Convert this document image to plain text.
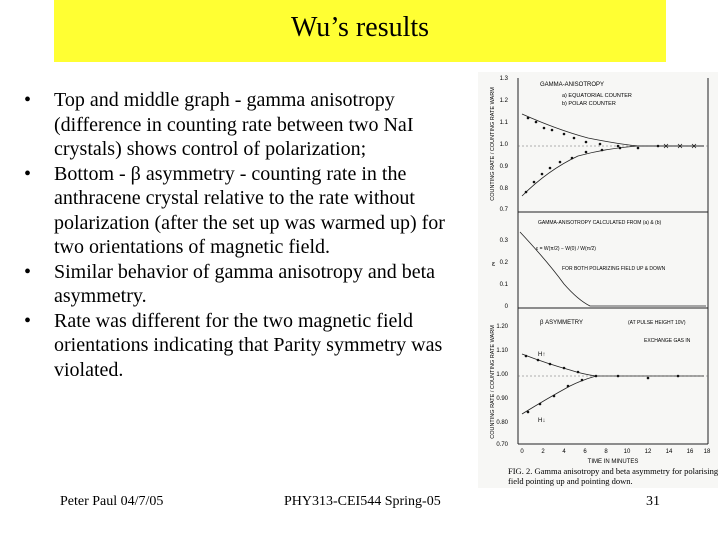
Wu’s results
• Top and middle graph - gamma anisotropy (difference in counting rate between two NaI crystals) shows control of polarization;
• Bottom - β asymmetry - counting rate in the anthracene crystal relative to the rate without polarization (after the set up was warmed up) for two orientations of magnetic field.
• Similar behavior of gamma anisotropy and beta asymmetry.
• Rate was different for the two magnetic field orientations indicating that Parity symmetry was violated.
1.3
1.2
1.1
1.0
0.9
0.8
0.7
COUNTING RATE / COUNTING RATE WARM
GAMMA-ANISOTROPY
a) EQUATORIAL COUNTER
b) POLAR COUNTER
0.3
0.2
0.1
0
ε
GAMMA-ANISOTROPY CALCULATED FROM (a) & (b)
ε = W(π/2) − W(0) / W(π/2)
FOR BOTH POLARIZING FIELD UP & DOWN
1.20
1.10
1.00
0.90
0.80
0.70
COUNTING RATE / COUNTING RATE WARM
β ASYMMETRY	(AT PULSE HEIGHT 10V)
EXCHANGE GAS IN
H↑
H↓
0	2	4	6	8	10 12 14 16 18
TIME IN MINUTES
FIG. 2. Gamma anisotropy and beta asymmetry for polarising field pointing up and pointing down.
Peter Paul 04/7/05	PHY313-CEI544 Spring-05	31
